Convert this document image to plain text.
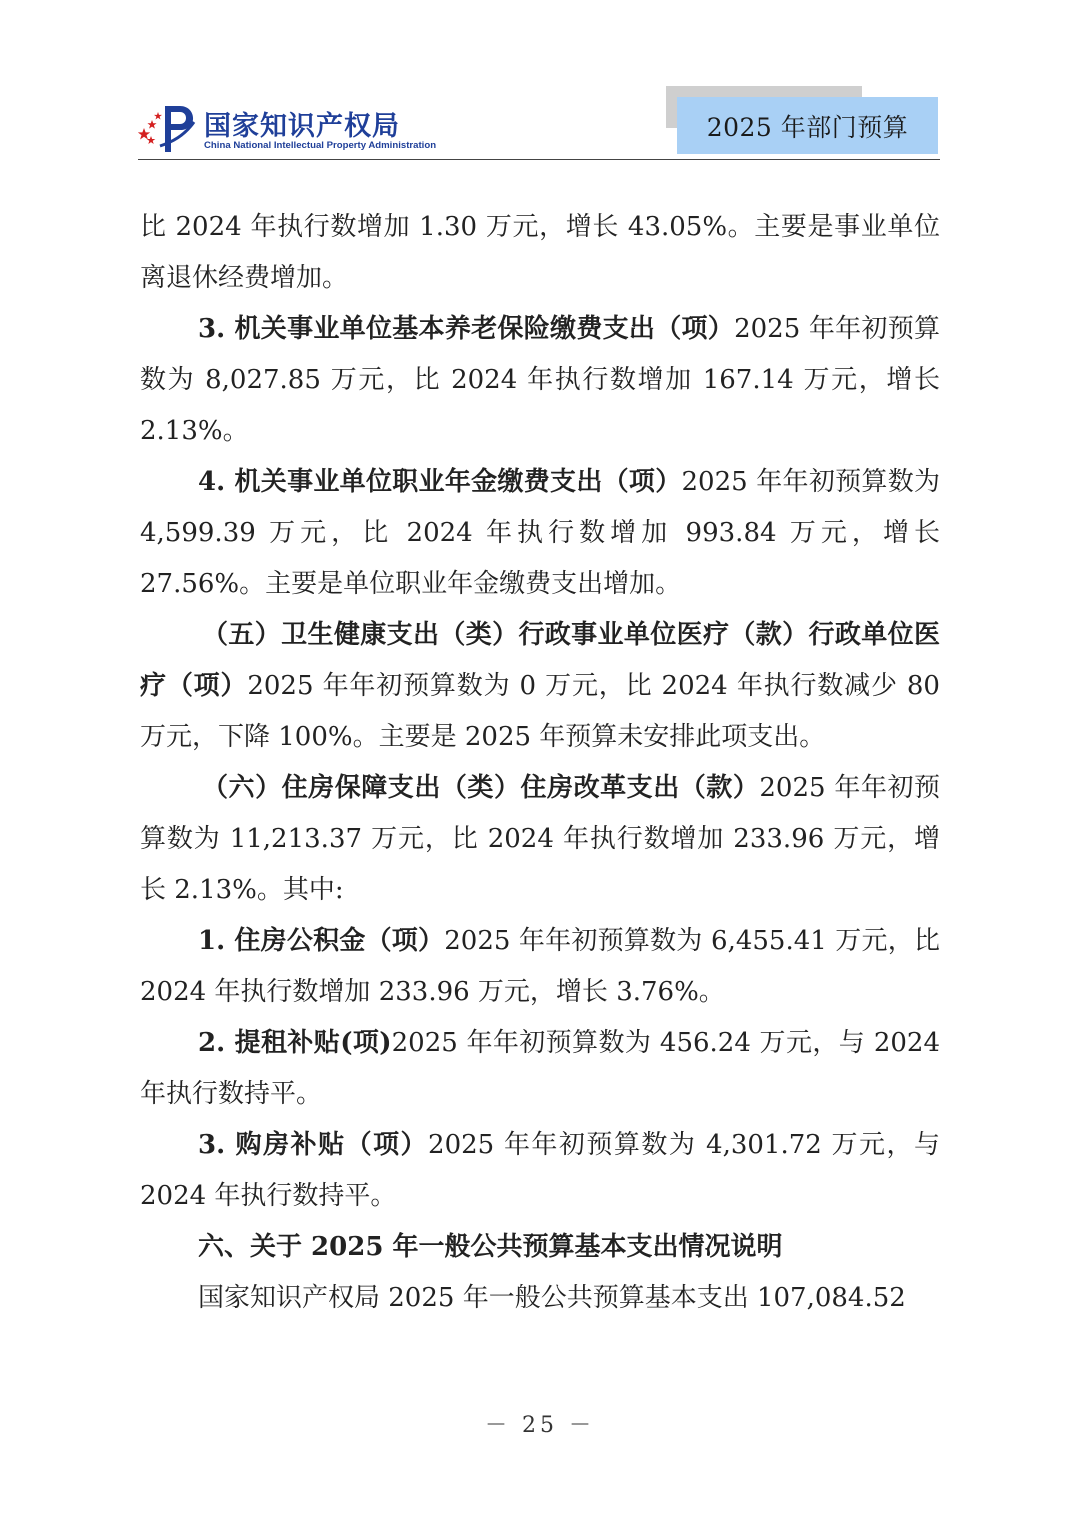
国家知识产权局
China National Intellectual Property Administration
2025 年部门预算

比 2024 年执行数增加 1.30 万元，增长 43.05%。主要是事业单位离退休经费增加。

3. 机关事业单位基本养老保险缴费支出（项）2025 年年初预算数为 8,027.85 万元，比 2024 年执行数增加 167.14 万元，增长 2.13%。

4. 机关事业单位职业年金缴费支出（项）2025 年年初预算数为 4,599.39 万元，比 2024 年执行数增加 993.84 万元，增长 27.56%。主要是单位职业年金缴费支出增加。

（五）卫生健康支出（类）行政事业单位医疗（款）行政单位医疗（项）2025 年年初预算数为 0 万元，比 2024 年执行数减少 80 万元，下降 100%。主要是 2025 年预算未安排此项支出。

（六）住房保障支出（类）住房改革支出（款）2025 年年初预算数为 11,213.37 万元，比 2024 年执行数增加 233.96 万元，增长 2.13%。其中:

1. 住房公积金（项）2025 年年初预算数为 6,455.41 万元，比 2024 年执行数增加 233.96 万元，增长 3.76%。

2. 提租补贴(项)2025 年年初预算数为 456.24 万元，与 2024 年执行数持平。

3. 购房补贴（项）2025 年年初预算数为 4,301.72 万元，与 2024 年执行数持平。

六、关于 2025 年一般公共预算基本支出情况说明

国家知识产权局 2025 年一般公共预算基本支出 107,084.52

－ 25 －
